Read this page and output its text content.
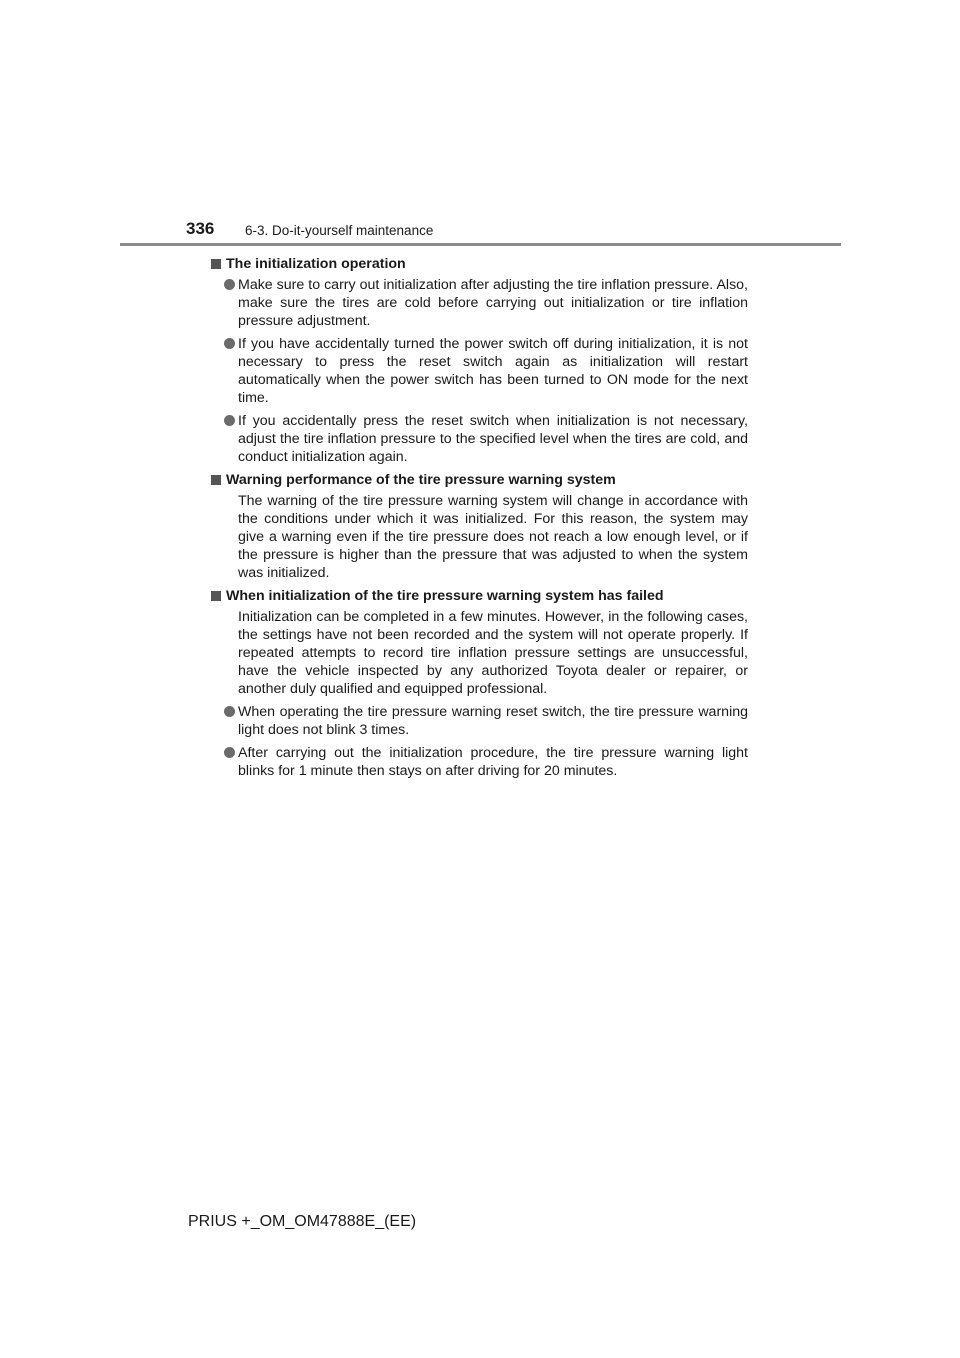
336 6-3. Do-it-yourself maintenance
The initialization operation
Make sure to carry out initialization after adjusting the tire inflation pressure. Also, make sure the tires are cold before carrying out initialization or tire inflation pressure adjustment.
If you have accidentally turned the power switch off during initialization, it is not necessary to press the reset switch again as initialization will restart automatically when the power switch has been turned to ON mode for the next time.
If you accidentally press the reset switch when initialization is not necessary, adjust the tire inflation pressure to the specified level when the tires are cold, and conduct initialization again.
Warning performance of the tire pressure warning system
The warning of the tire pressure warning system will change in accordance with the conditions under which it was initialized. For this reason, the system may give a warning even if the tire pressure does not reach a low enough level, or if the pressure is higher than the pressure that was adjusted to when the system was initialized.
When initialization of the tire pressure warning system has failed
Initialization can be completed in a few minutes. However, in the following cases, the settings have not been recorded and the system will not operate properly. If repeated attempts to record tire inflation pressure settings are unsuccessful, have the vehicle inspected by any authorized Toyota dealer or repairer, or another duly qualified and equipped professional.
When operating the tire pressure warning reset switch, the tire pressure warning light does not blink 3 times.
After carrying out the initialization procedure, the tire pressure warning light blinks for 1 minute then stays on after driving for 20 minutes.
PRIUS +_OM_OM47888E_(EE)
